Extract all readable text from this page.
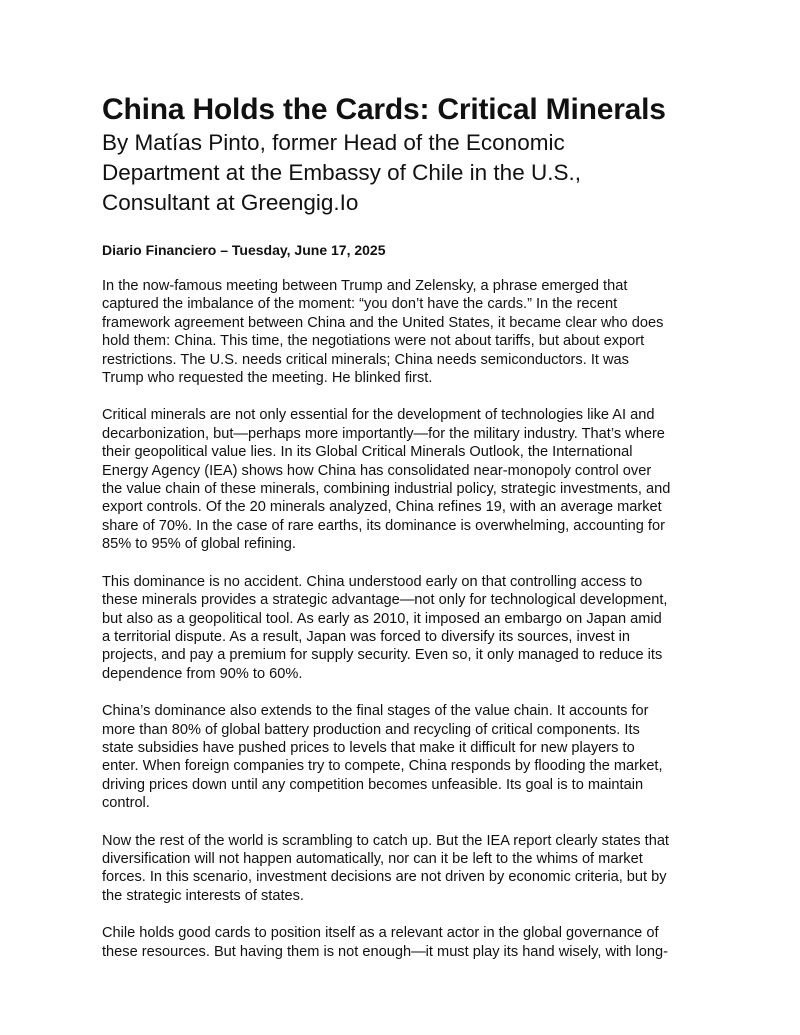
China Holds the Cards: Critical Minerals
By Matías Pinto, former Head of the Economic
Department at the Embassy of Chile in the U.S.,
Consultant at Greengig.Io
Diario Financiero – Tuesday, June 17, 2025

In the now-famous meeting between Trump and Zelensky, a phrase emerged that
captured the imbalance of the moment: “you don’t have the cards.” In the recent
framework agreement between China and the United States, it became clear who does
hold them: China. This time, the negotiations were not about tariffs, but about export
restrictions. The U.S. needs critical minerals; China needs semiconductors. It was
Trump who requested the meeting. He blinked first.

Critical minerals are not only essential for the development of technologies like AI and
decarbonization, but—perhaps more importantly—for the military industry. That’s where
their geopolitical value lies. In its Global Critical Minerals Outlook, the International
Energy Agency (IEA) shows how China has consolidated near-monopoly control over
the value chain of these minerals, combining industrial policy, strategic investments, and
export controls. Of the 20 minerals analyzed, China refines 19, with an average market
share of 70%. In the case of rare earths, its dominance is overwhelming, accounting for
85% to 95% of global refining.

This dominance is no accident. China understood early on that controlling access to
these minerals provides a strategic advantage—not only for technological development,
but also as a geopolitical tool. As early as 2010, it imposed an embargo on Japan amid
a territorial dispute. As a result, Japan was forced to diversify its sources, invest in
projects, and pay a premium for supply security. Even so, it only managed to reduce its
dependence from 90% to 60%.

China’s dominance also extends to the final stages of the value chain. It accounts for
more than 80% of global battery production and recycling of critical components. Its
state subsidies have pushed prices to levels that make it difficult for new players to
enter. When foreign companies try to compete, China responds by flooding the market,
driving prices down until any competition becomes unfeasible. Its goal is to maintain
control.

Now the rest of the world is scrambling to catch up. But the IEA report clearly states that
diversification will not happen automatically, nor can it be left to the whims of market
forces. In this scenario, investment decisions are not driven by economic criteria, but by
the strategic interests of states.

Chile holds good cards to position itself as a relevant actor in the global governance of
these resources. But having them is not enough—it must play its hand wisely, with long-
